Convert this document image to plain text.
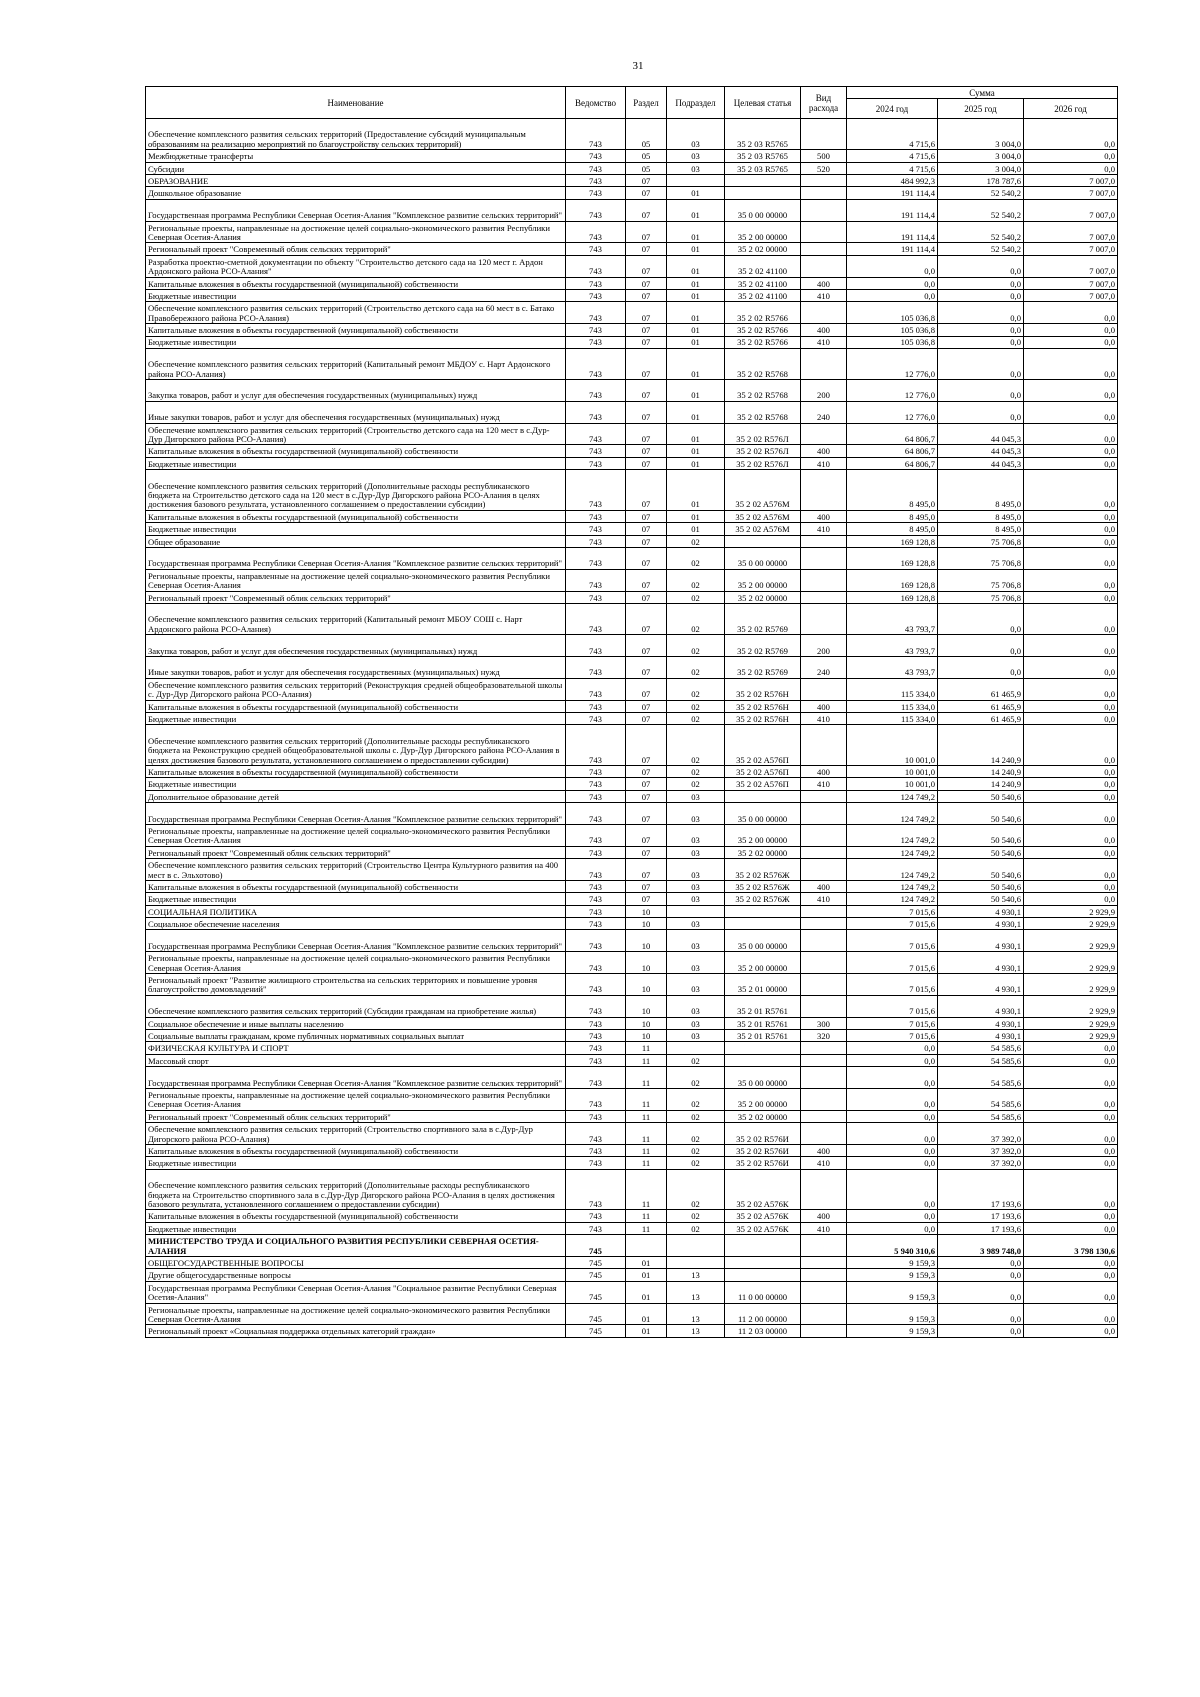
31
Наименование	Ведомство	Раздел	Подраздел	Целевая статья	Вид расхода	Сумма		
						2024 год	2025 год	2026 год
Обеспечение комплексного развития сельских территорий (Предоставление субсидий муниципальным образованиям на реализацию мероприятий по благоустройству сельских территорий)	743	05	03	35 2 03 R5765		4 715,6	3 004,0	0,0
Межбюджетные трансферты	743	05	03	35 2 03 R5765	500	4 715,6	3 004,0	0,0
Субсидии	743	05	03	35 2 03 R5765	520	4 715,6	3 004,0	0,0
ОБРАЗОВАНИЕ	743	07				484 992,3	178 787,6	7 007,0
Дошкольное образование	743	07	01			191 114,4	52 540,2	7 007,0
Государственная программа Республики Северная Осетия-Алания "Комплексное развитие сельских территорий"	743	07	01	35 0 00 00000		191 114,4	52 540,2	7 007,0
Региональные проекты, направленные на достижение целей социально-экономического развития Республики Северная Осетия-Алания	743	07	01	35 2 00 00000		191 114,4	52 540,2	7 007,0
Региональный проект "Современный облик сельских территорий"	743	07	01	35 2 02 00000		191 114,4	52 540,2	7 007,0
Разработка проектно-сметной документации по объекту "Строительство детского сада на 120 мест г. Ардон Ардонского района РСО-Алания"	743	07	01	35 2 02 41100		0,0	0,0	7 007,0
Капитальные вложения в объекты государственной (муниципальной) собственности	743	07	01	35 2 02 41100	400	0,0	0,0	7 007,0
Бюджетные инвестиции	743	07	01	35 2 02 41100	410	0,0	0,0	7 007,0
Обеспечение комплексного развития сельских территорий (Строительство детского сада на 60 мест в с. Батако Правобережного района РСО-Алания)	743	07	01	35 2 02 R5766		105 036,8	0,0	0,0
Капитальные вложения в объекты государственной (муниципальной) собственности	743	07	01	35 2 02 R5766	400	105 036,8	0,0	0,0
Бюджетные инвестиции	743	07	01	35 2 02 R5766	410	105 036,8	0,0	0,0
Обеспечение комплексного развития сельских территорий (Капитальный ремонт МБДОУ с. Нарт Ардонского района РСО-Алания)	743	07	01	35 2 02 R5768		12 776,0	0,0	0,0
Закупка товаров, работ и услуг для обеспечения государственных (муниципальных) нужд	743	07	01	35 2 02 R5768	200	12 776,0	0,0	0,0
Иные закупки товаров, работ и услуг для обеспечения государственных (муниципальных) нужд	743	07	01	35 2 02 R5768	240	12 776,0	0,0	0,0
Обеспечение комплексного развития сельских территорий (Строительство детского сада на 120 мест в с.Дур-Дур Дигорского района РСО-Алания)	743	07	01	35 2 02 R576Л		64 806,7	44 045,3	0,0
Капитальные вложения в объекты государственной (муниципальной) собственности	743	07	01	35 2 02 R576Л	400	64 806,7	44 045,3	0,0
Бюджетные инвестиции	743	07	01	35 2 02 R576Л	410	64 806,7	44 045,3	0,0
Обеспечение комплексного развития сельских территорий (Дополнительные расходы республиканского бюджета на Строительство детского сада на 120 мест в с.Дур-Дур Дигорского района РСО-Алания в целях достижения базового результата, установленного соглашением о предоставлении субсидии)	743	07	01	35 2 02 A576М		8 495,0	8 495,0	0,0
Капитальные вложения в объекты государственной (муниципальной) собственности	743	07	01	35 2 02 A576М	400	8 495,0	8 495,0	0,0
Бюджетные инвестиции	743	07	01	35 2 02 A576М	410	8 495,0	8 495,0	0,0
Общее образование	743	07	02			169 128,8	75 706,8	0,0
Государственная программа Республики Северная Осетия-Алания "Комплексное развитие сельских территорий"	743	07	02	35 0 00 00000		169 128,8	75 706,8	0,0
Региональные проекты, направленные на достижение целей социально-экономического развития Республики Северная Осетия-Алания	743	07	02	35 2 00 00000		169 128,8	75 706,8	0,0
Региональный проект "Современный облик сельских территорий"	743	07	02	35 2 02 00000		169 128,8	75 706,8	0,0
Обеспечение комплексного развития сельских территорий (Капитальный ремонт МБОУ СОШ с. Нарт Ардонского района РСО-Алания)	743	07	02	35 2 02 R5769		43 793,7	0,0	0,0
Закупка товаров, работ и услуг для обеспечения государственных (муниципальных) нужд	743	07	02	35 2 02 R5769	200	43 793,7	0,0	0,0
Иные закупки товаров, работ и услуг для обеспечения государственных (муниципальных) нужд	743	07	02	35 2 02 R5769	240	43 793,7	0,0	0,0
Обеспечение комплексного развития сельских территорий (Реконструкция средней общеобразовательной школы с. Дур-Дур Дигорского района РСО-Алания)	743	07	02	35 2 02 R576Н		115 334,0	61 465,9	0,0
Капитальные вложения в объекты государственной (муниципальной) собственности	743	07	02	35 2 02 R576Н	400	115 334,0	61 465,9	0,0
Бюджетные инвестиции	743	07	02	35 2 02 R576Н	410	115 334,0	61 465,9	0,0
Обеспечение комплексного развития сельских территорий (Дополнительные расходы республиканского бюджета на Реконструкцию средней общеобразовательной школы с. Дур-Дур Дигорского района РСО-Алания в целях достижения базового результата, установленного соглашением о предоставлении субсидии)	743	07	02	35 2 02 A576П		10 001,0	14 240,9	0,0
Капитальные вложения в объекты государственной (муниципальной) собственности	743	07	02	35 2 02 A576П	400	10 001,0	14 240,9	0,0
Бюджетные инвестиции	743	07	02	35 2 02 A576П	410	10 001,0	14 240,9	0,0
Дополнительное образование детей	743	07	03			124 749,2	50 540,6	0,0
Государственная программа Республики Северная Осетия-Алания "Комплексное развитие сельских территорий"	743	07	03	35 0 00 00000		124 749,2	50 540,6	0,0
Региональные проекты, направленные на достижение целей социально-экономического развития Республики Северная Осетия-Алания	743	07	03	35 2 00 00000		124 749,2	50 540,6	0,0
Региональный проект "Современный облик сельских территорий"	743	07	03	35 2 02 00000		124 749,2	50 540,6	0,0
Обеспечение комплексного развития сельских территорий (Строительство Центра Культурного развития на 400 мест в с. Эльхотово)	743	07	03	35 2 02 R576Ж		124 749,2	50 540,6	0,0
Капитальные вложения в объекты государственной (муниципальной) собственности	743	07	03	35 2 02 R576Ж	400	124 749,2	50 540,6	0,0
Бюджетные инвестиции	743	07	03	35 2 02 R576Ж	410	124 749,2	50 540,6	0,0
СОЦИАЛЬНАЯ ПОЛИТИКА	743	10				7 015,6	4 930,1	2 929,9
Социальное обеспечение населения	743	10	03			7 015,6	4 930,1	2 929,9
Государственная программа Республики Северная Осетия-Алания "Комплексное развитие сельских территорий"	743	10	03	35 0 00 00000		7 015,6	4 930,1	2 929,9
Региональные проекты, направленные на достижение целей социально-экономического развития Республики Северная Осетия-Алания	743	10	03	35 2 00 00000		7 015,6	4 930,1	2 929,9
Региональный проект "Развитие жилищного строительства на сельских территориях и повышение уровня благоустройство домовладений"	743	10	03	35 2 01 00000		7 015,6	4 930,1	2 929,9
Обеспечение комплексного развития сельских территорий (Субсидии гражданам на приобретение жилья)	743	10	03	35 2 01 R5761		7 015,6	4 930,1	2 929,9
Социальное обеспечение и иные выплаты населению	743	10	03	35 2 01 R5761	300	7 015,6	4 930,1	2 929,9
Социальные выплаты гражданам, кроме публичных нормативных социальных выплат	743	10	03	35 2 01 R5761	320	7 015,6	4 930,1	2 929,9
ФИЗИЧЕСКАЯ КУЛЬТУРА И СПОРТ	743	11				0,0	54 585,6	0,0
Массовый спорт	743	11	02			0,0	54 585,6	0,0
Государственная программа Республики Северная Осетия-Алания "Комплексное развитие сельских территорий"	743	11	02	35 0 00 00000		0,0	54 585,6	0,0
Региональные проекты, направленные на достижение целей социально-экономического развития Республики Северная Осетия-Алания	743	11	02	35 2 00 00000		0,0	54 585,6	0,0
Региональный проект "Современный облик сельских территорий"	743	11	02	35 2 02 00000		0,0	54 585,6	0,0
Обеспечение комплексного развития сельских территорий (Строительство спортивного зала в с.Дур-Дур Дигорского района РСО-Алания)	743	11	02	35 2 02 R576И		0,0	37 392,0	0,0
Капитальные вложения в объекты государственной (муниципальной) собственности	743	11	02	35 2 02 R576И	400	0,0	37 392,0	0,0
Бюджетные инвестиции	743	11	02	35 2 02 R576И	410	0,0	37 392,0	0,0
Обеспечение комплексного развития сельских территорий (Дополнительные расходы республиканского бюджета на Строительство спортивного зала в с.Дур-Дур Дигорского района РСО-Алания в целях достижения базового результата, установленного соглашением о предоставлении субсидии)	743	11	02	35 2 02 A576К		0,0	17 193,6	0,0
Капитальные вложения в объекты государственной (муниципальной) собственности	743	11	02	35 2 02 A576К	400	0,0	17 193,6	0,0
Бюджетные инвестиции	743	11	02	35 2 02 A576К	410	0,0	17 193,6	0,0
МИНИСТЕРСТВО ТРУДА И СОЦИАЛЬНОГО РАЗВИТИЯ РЕСПУБЛИКИ СЕВЕРНАЯ ОСЕТИЯ-АЛАНИЯ	745					5 940 310,6	3 989 748,0	3 798 130,6
ОБЩЕГОСУДАРСТВЕННЫЕ ВОПРОСЫ	745	01				9 159,3	0,0	0,0
Другие общегосударственные вопросы	745	01	13			9 159,3	0,0	0,0
Государственная программа Республики Северная Осетия-Алания "Социальное развитие Республики Северная Осетия-Алания"	745	01	13	11 0 00 00000		9 159,3	0,0	0,0
Региональные проекты, направленные на достижение целей социально-экономического развития Республики Северная Осетия-Алания	745	01	13	11 2 00 00000		9 159,3	0,0	0,0
Региональный проект «Социальная поддержка отдельных категорий граждан»	745	01	13	11 2 03 00000		9 159,3	0,0	0,0
